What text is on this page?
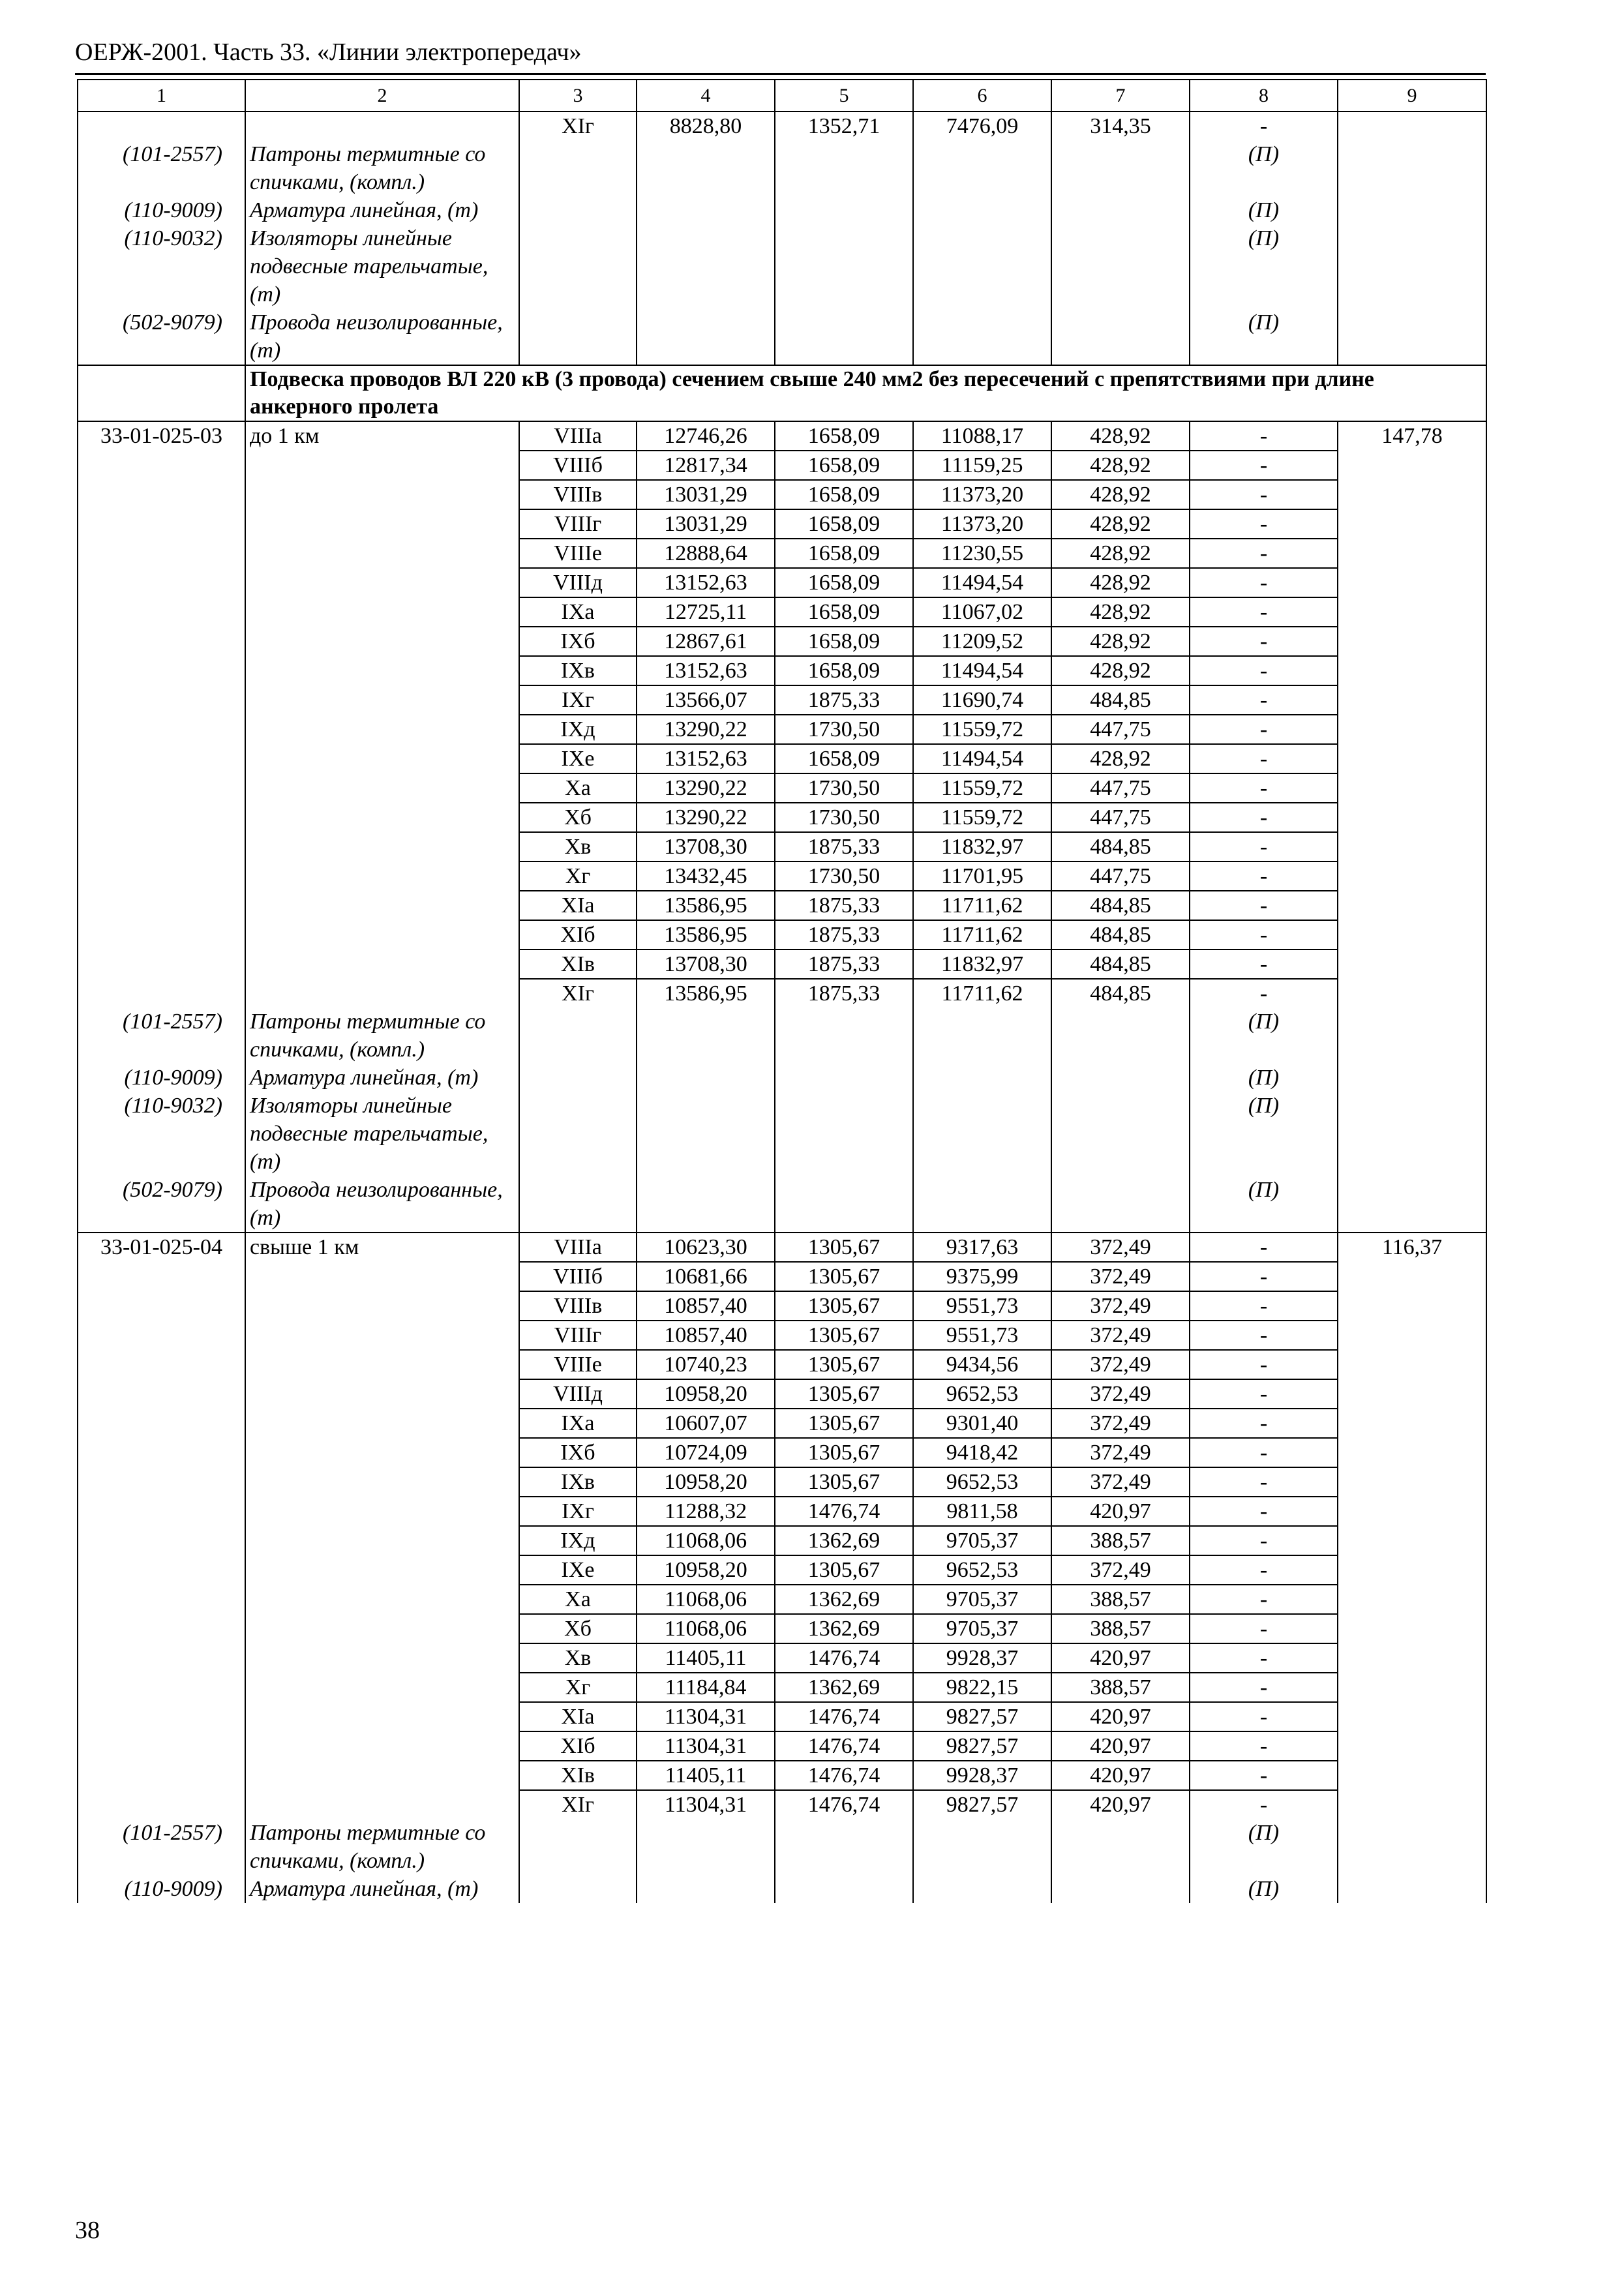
ОЕРЖ-2001. Часть 33. «Линии электропередач»
1	2	3	4	5	6	7	8	9
		XIг	8828,80	1352,71	7476,09	314,35	-	
(101-2557)	Патроны термитные со спичками, (компл.)						(П)	
(110-9009)	Арматура линейная, (т)						(П)	
(110-9032)	Изоляторы линейные подвесные тарельчатые, (т)						(П)	
(502-9079)	Провода неизолированные, (т)						(П)	
	Подвеска проводов ВЛ 220 кВ (3 провода) сечением свыше 240 мм2 без пересечений с препятствиями при длине анкерного пролета							
33-01-025-03	до 1 км	VIIIа	12746,26	1658,09	11088,17	428,92	-	147,78
		VIIIб	12817,34	1658,09	11159,25	428,92	-	
		VIIIв	13031,29	1658,09	11373,20	428,92	-	
		VIIIг	13031,29	1658,09	11373,20	428,92	-	
		VIIIе	12888,64	1658,09	11230,55	428,92	-	
		VIIIд	13152,63	1658,09	11494,54	428,92	-	
		IXа	12725,11	1658,09	11067,02	428,92	-	
		IXб	12867,61	1658,09	11209,52	428,92	-	
		IXв	13152,63	1658,09	11494,54	428,92	-	
		IXг	13566,07	1875,33	11690,74	484,85	-	
		IXд	13290,22	1730,50	11559,72	447,75	-	
		IXе	13152,63	1658,09	11494,54	428,92	-	
		Xа	13290,22	1730,50	11559,72	447,75	-	
		Xб	13290,22	1730,50	11559,72	447,75	-	
		Xв	13708,30	1875,33	11832,97	484,85	-	
		Xг	13432,45	1730,50	11701,95	447,75	-	
		XIа	13586,95	1875,33	11711,62	484,85	-	
		XIб	13586,95	1875,33	11711,62	484,85	-	
		XIв	13708,30	1875,33	11832,97	484,85	-	
		XIг	13586,95	1875,33	11711,62	484,85	-	
(101-2557)	Патроны термитные со спичками, (компл.)						(П)	
(110-9009)	Арматура линейная, (т)						(П)	
(110-9032)	Изоляторы линейные подвесные тарельчатые, (т)						(П)	
(502-9079)	Провода неизолированные, (т)						(П)	
33-01-025-04	свыше 1 км	VIIIа	10623,30	1305,67	9317,63	372,49	-	116,37
		VIIIб	10681,66	1305,67	9375,99	372,49	-	
		VIIIв	10857,40	1305,67	9551,73	372,49	-	
		VIIIг	10857,40	1305,67	9551,73	372,49	-	
		VIIIе	10740,23	1305,67	9434,56	372,49	-	
		VIIIд	10958,20	1305,67	9652,53	372,49	-	
		IXа	10607,07	1305,67	9301,40	372,49	-	
		IXб	10724,09	1305,67	9418,42	372,49	-	
		IXв	10958,20	1305,67	9652,53	372,49	-	
		IXг	11288,32	1476,74	9811,58	420,97	-	
		IXд	11068,06	1362,69	9705,37	388,57	-	
		IXе	10958,20	1305,67	9652,53	372,49	-	
		Xа	11068,06	1362,69	9705,37	388,57	-	
		Xб	11068,06	1362,69	9705,37	388,57	-	
		Xв	11405,11	1476,74	9928,37	420,97	-	
		Xг	11184,84	1362,69	9822,15	388,57	-	
		XIа	11304,31	1476,74	9827,57	420,97	-	
		XIб	11304,31	1476,74	9827,57	420,97	-	
		XIв	11405,11	1476,74	9928,37	420,97	-	
		XIг	11304,31	1476,74	9827,57	420,97	-	
(101-2557)	Патроны термитные со спичками, (компл.)						(П)	
(110-9009)	Арматура линейная, (т)						(П)	
38
